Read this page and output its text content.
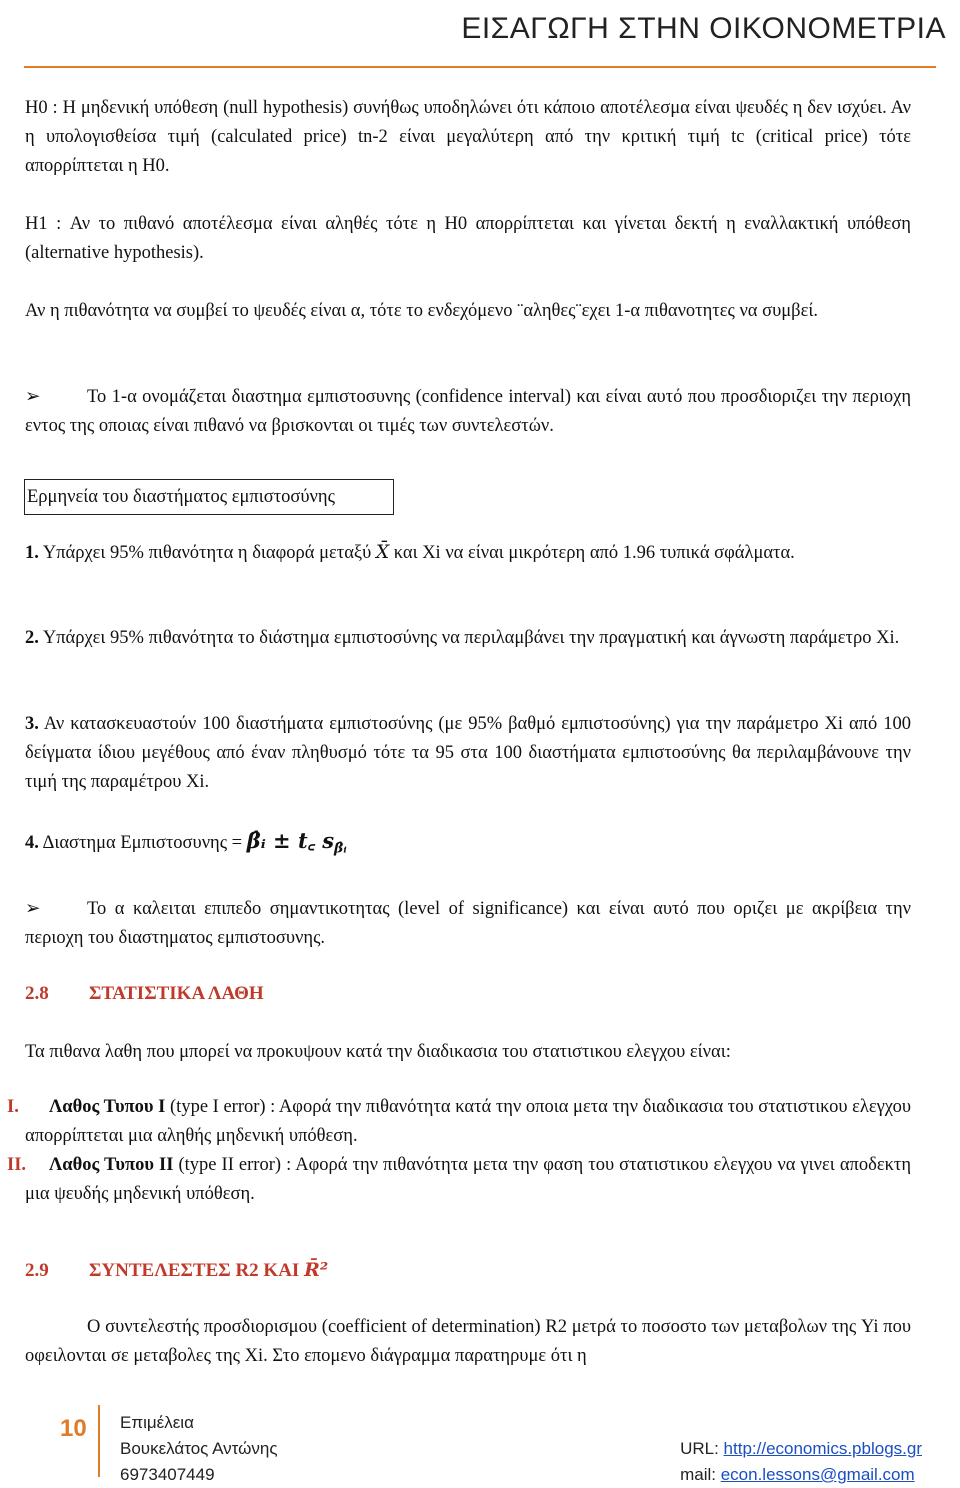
ΕΙΣΑΓΩΓΗ ΣΤΗΝ ΟΙΚΟΝΟΜΕΤΡΙΑ

H0 : Η μηδενική υπόθεση (null hypothesis) συνήθως υποδηλώνει ότι κάποιο αποτέλεσμα είναι ψευδές η δεν ισχύει. Αν η υπολογισθείσα τιμή (calculated price) tn-2 είναι μεγαλύτερη από την κριτική τιμή tc (critical price) τότε απορρίπτεται η H0.

H1 : Αν το πιθανό αποτέλεσμα είναι αληθές τότε η H0 απορρίπτεται και γίνεται δεκτή η εναλλακτική υπόθεση (alternative hypothesis).

Αν η πιθανότητα να συμβεί το ψευδές είναι α, τότε το ενδεχόμενο ¨αληθες¨εχει 1-α πιθανοτητες να συμβεί.

➢	Το 1-α ονομάζεται διαστημα εμπιστοσυνης (confidence interval) και είναι αυτό που προσδιοριζει την περιοχη εντος της οποιας είναι πιθανό να βρισκονται οι τιμές των συντελεστών.

Ερμηνεία του διαστήματος εμπιστοσύνης

1. Υπάρχει 95% πιθανότητα η διαφορά μεταξύ X̄ και Xi να είναι μικρότερη από 1.96 τυπικά σφάλματα.

2. Υπάρχει 95% πιθανότητα το διάστημα εμπιστοσύνης να περιλαμβάνει την πραγματική και άγνωστη παράμετρο Xi.

3. Αν κατασκευαστούν 100 διαστήματα εμπιστοσύνης (με 95% βαθμό εμπιστοσύνης) για την παράμετρο Xi από 100 δείγματα ίδιου μεγέθους από έναν πληθυσμό τότε τα 95 στα 100 διαστήματα εμπιστοσύνης θα περιλαμβάνουνε την τιμή της παραμέτρου Xi.

4. Διαστημα Εμπιστοσυνης = β̂ᵢ ± t꜀ $s_{\betâᵢ}$

➢	Το α καλειται επιπεδο σημαντικοτητας (level of significance) και είναι αυτό που οριζει με ακρίβεια την περιοχη του διαστηματος εμπιστοσυνης.

2.8 ΣΤΑΤΙΣΤΙΚΑ ΛΑΘΗ

Τα πιθανα λαθη που μπορεί να προκυψουν κατά την διαδικασια του στατιστικου ελεγχου είναι:

I.	Λαθος Τυπου Ι (type I error) : Αφορά την πιθανότητα κατά την οποια μετα την διαδικασια του στατιστικου ελεγχου απορρίπτεται μια αληθής μηδενική υπόθεση.
II.	Λαθος Τυπου ΙΙ (type II error) : Αφορά την πιθανότητα μετα την φαση του στατιστικου ελεγχου να γινει αποδεκτη μια ψευδής μηδενική υπόθεση.
2.9 ΣΥΝΤΕΛΕΣΤΕΣ R2 ΚΑΙ R̄²

Ο συντελεστής προσδιορισμου (coefficient of determination) R2 μετρά το ποσοστο των μεταβολων της Yi που οφειλονται σε μεταβολες της Xi. Στο επομενο διάγραμμα παρατηρυμε ότι η

10 Επιμέλεια
Βουκελάτος Αντώνης
6973407449
URL: http://economics.pblogs.gr
mail: econ.lessons@gmail.com
